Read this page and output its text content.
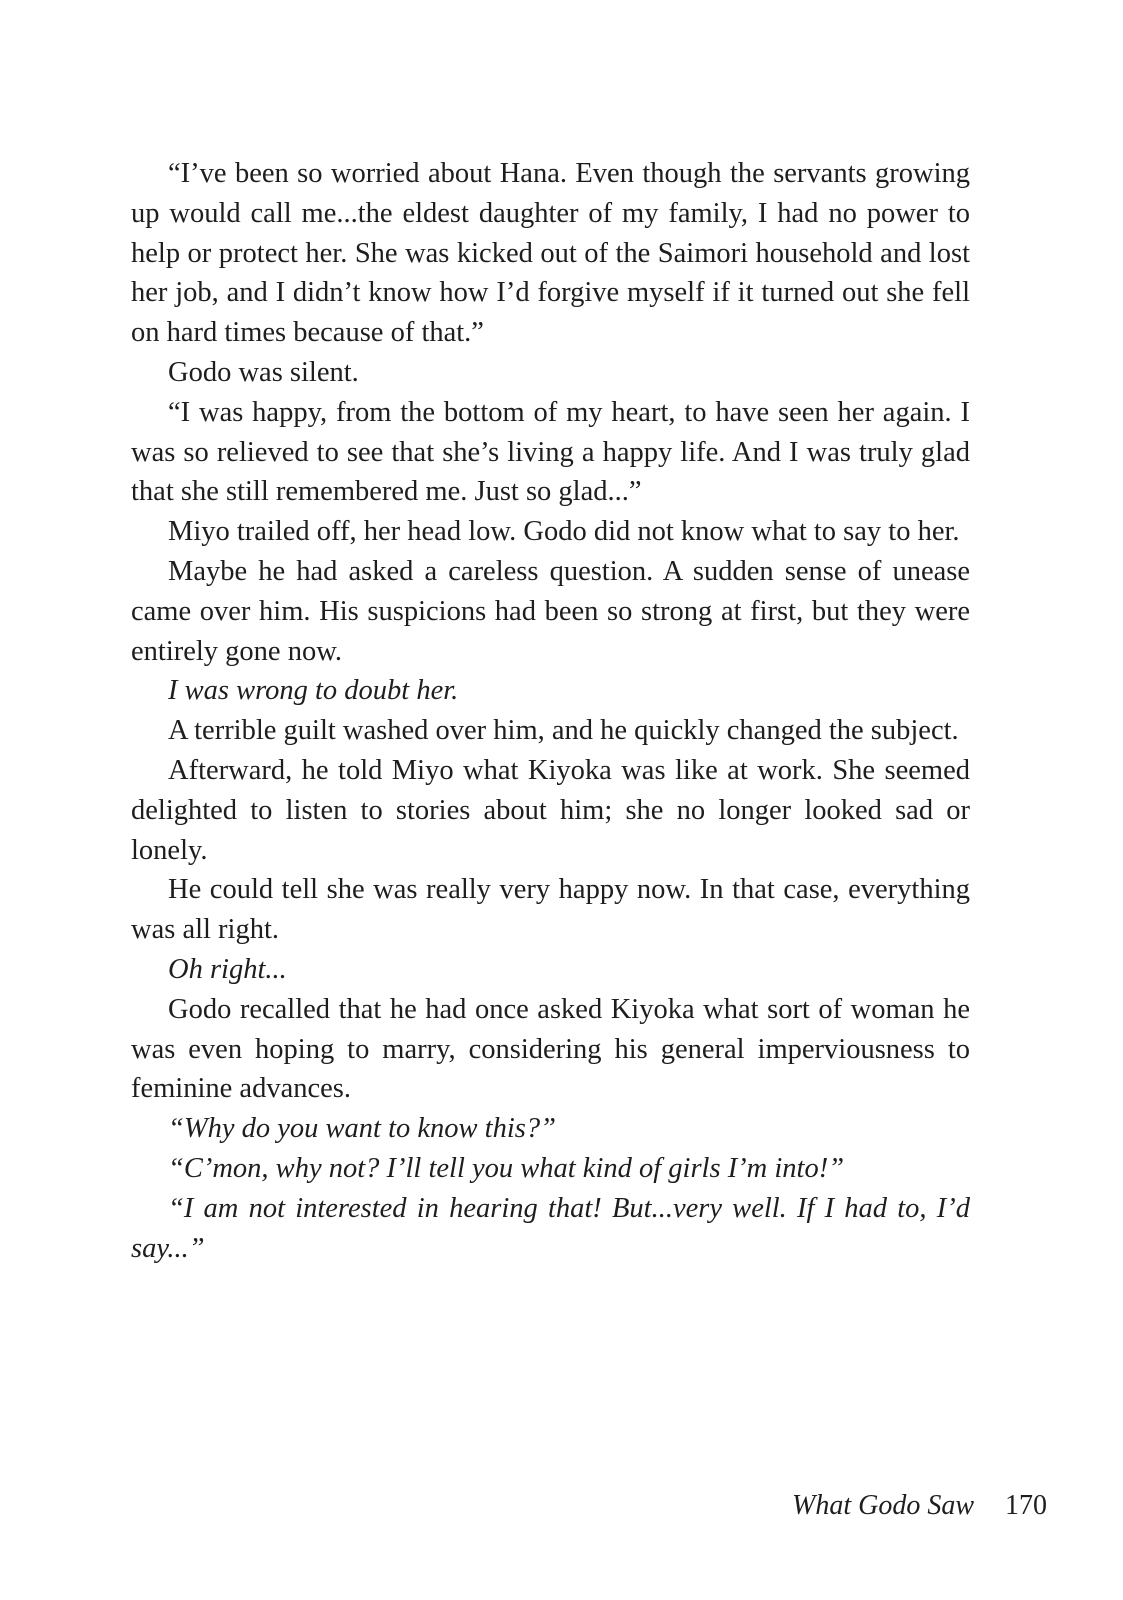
“I’ve been so worried about Hana. Even though the servants growing up would call me...the eldest daughter of my family, I had no power to help or protect her. She was kicked out of the Saimori household and lost her job, and I didn’t know how I’d forgive myself if it turned out she fell on hard times because of that.”

Godo was silent.

“I was happy, from the bottom of my heart, to have seen her again. I was so relieved to see that she’s living a happy life. And I was truly glad that she still remembered me. Just so glad...”

Miyo trailed off, her head low. Godo did not know what to say to her.

Maybe he had asked a careless question. A sudden sense of unease came over him. His suspicions had been so strong at first, but they were entirely gone now.

I was wrong to doubt her.

A terrible guilt washed over him, and he quickly changed the subject.

Afterward, he told Miyo what Kiyoka was like at work. She seemed delighted to listen to stories about him; she no longer looked sad or lonely.

He could tell she was really very happy now. In that case, everything was all right.

Oh right...

Godo recalled that he had once asked Kiyoka what sort of woman he was even hoping to marry, considering his general imperviousness to feminine advances.

“Why do you want to know this?”

“C’mon, why not? I’ll tell you what kind of girls I’m into!”

“I am not interested in hearing that! But...very well. If I had to, I’d say...”

What Godo Saw 170
